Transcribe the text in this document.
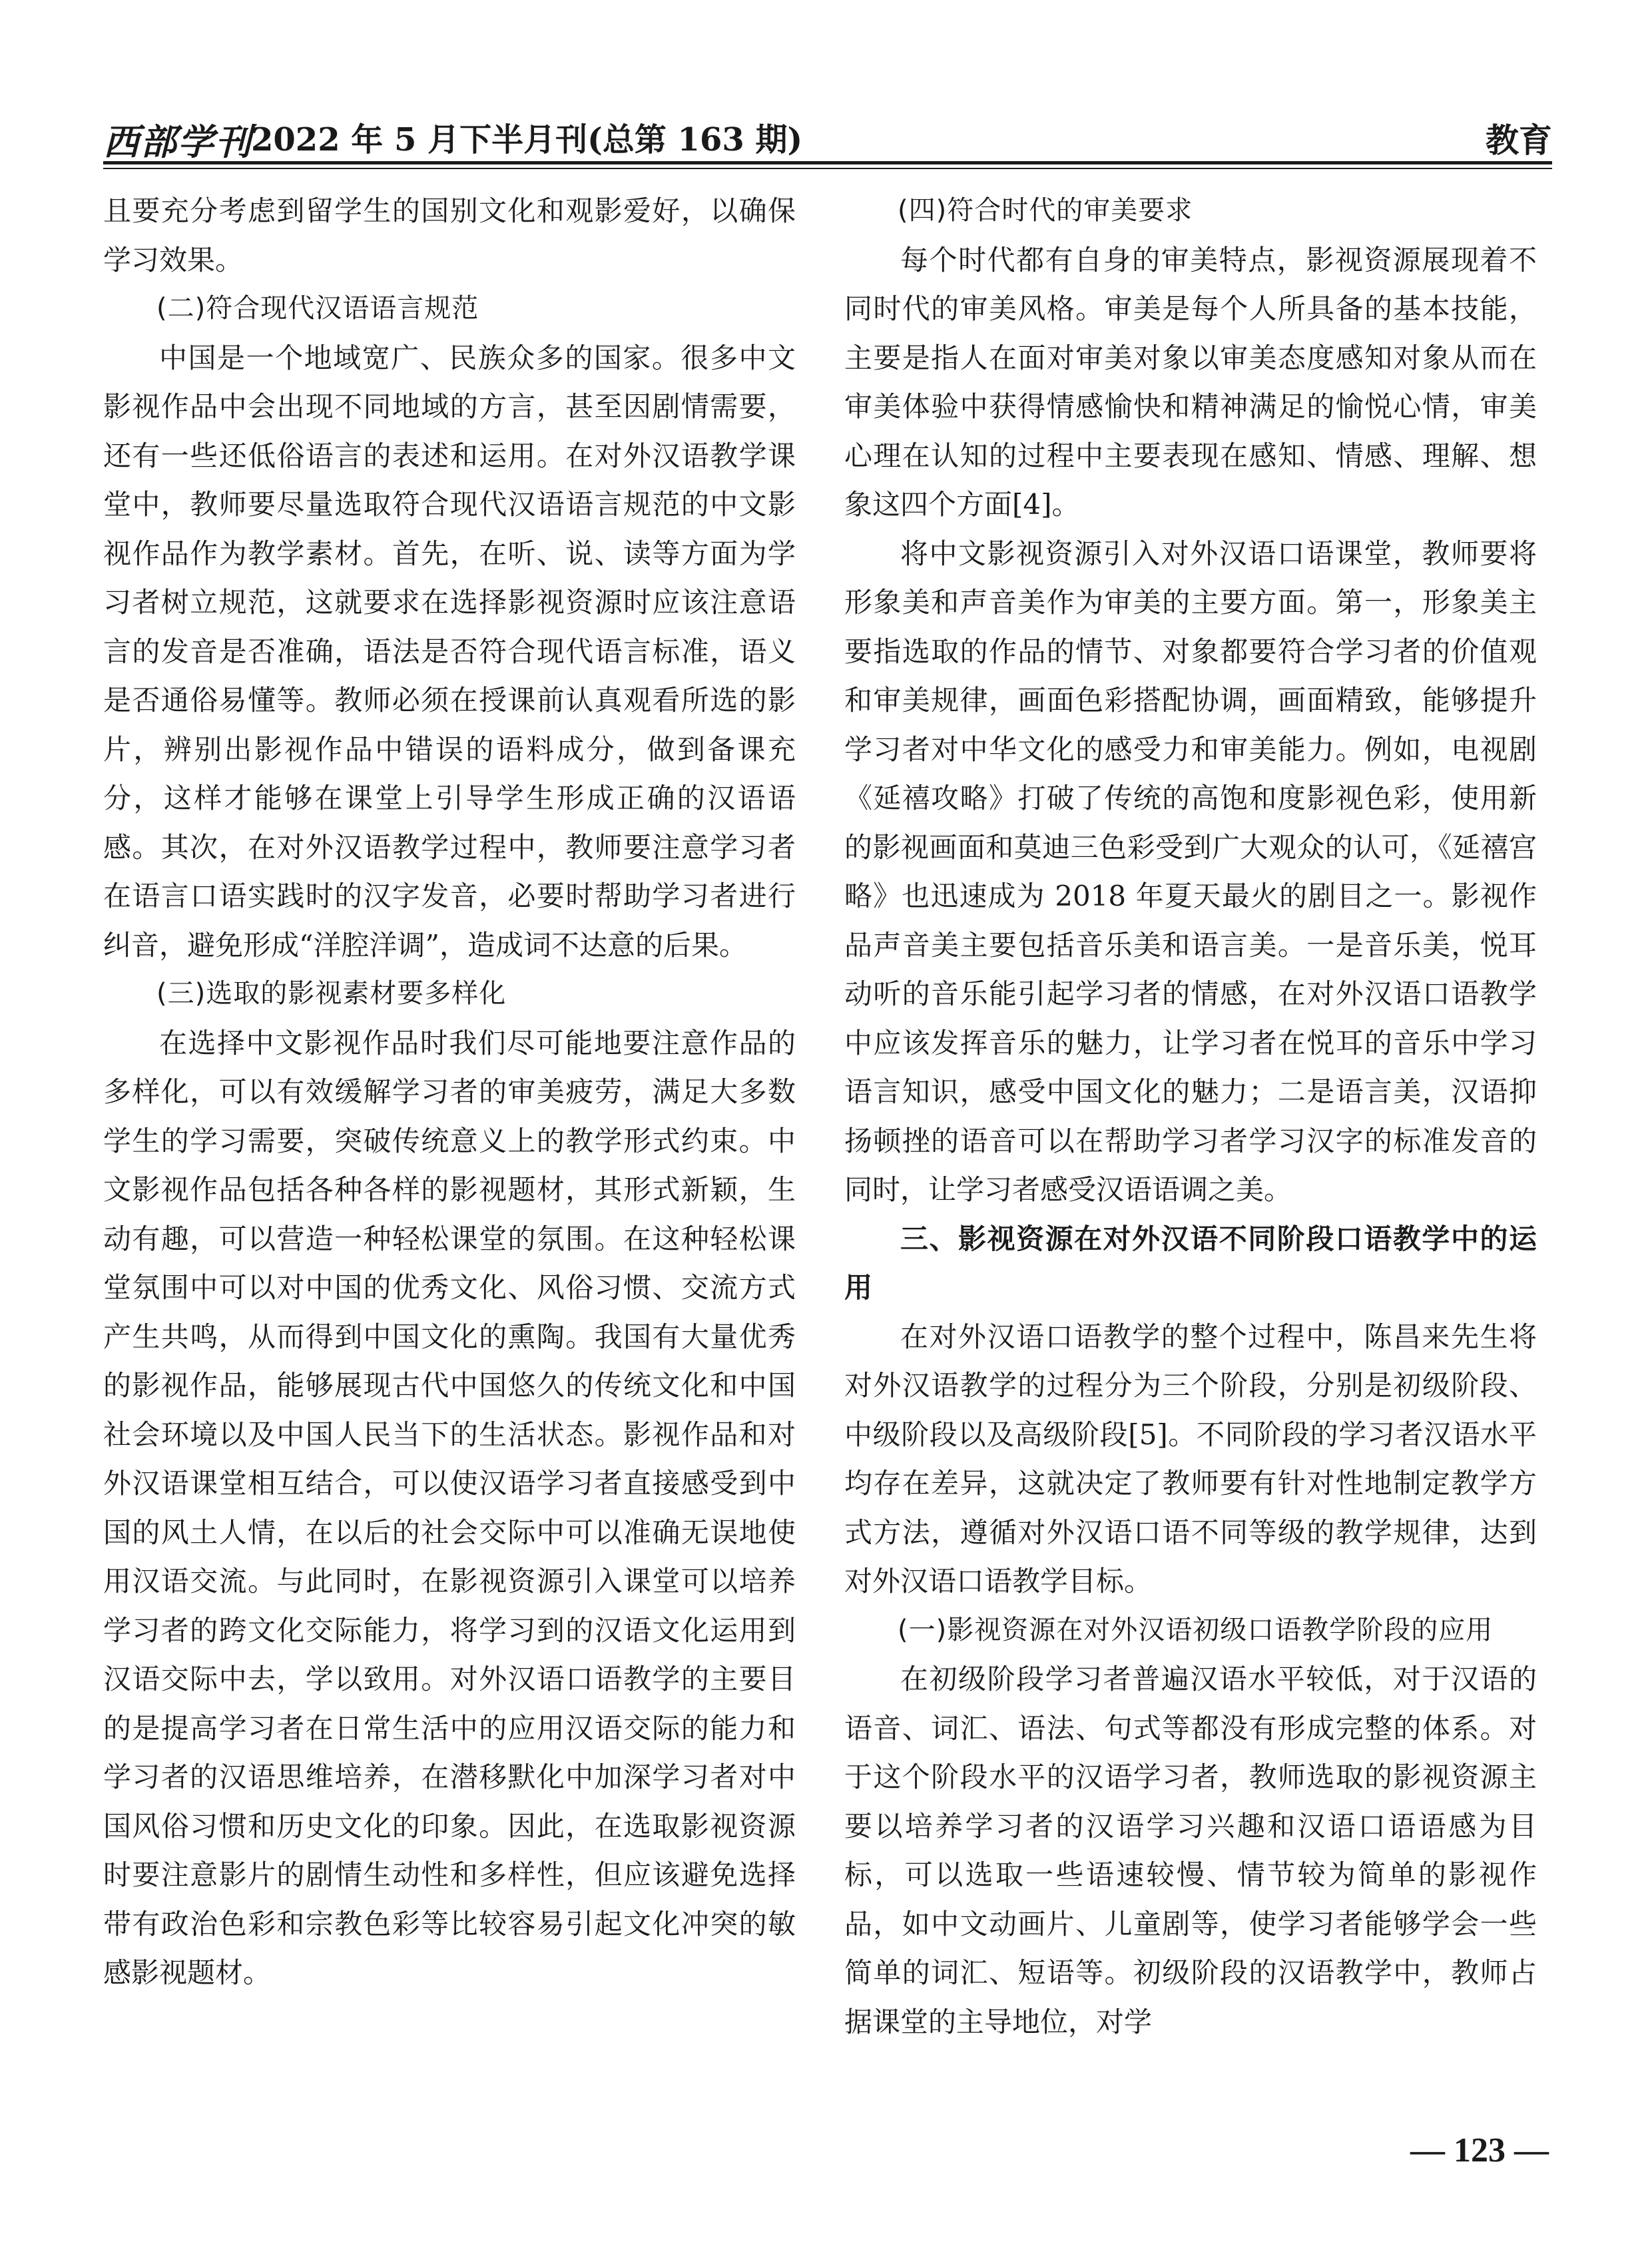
西部学刊
2022 年 5 月下半月刊(总第 163 期)	教育

且要充分考虑到留学生的国别文化和观影爱好，以确保学习效果。

(二)符合现代汉语语言规范

中国是一个地域宽广、民族众多的国家。很多中文影视作品中会出现不同地域的方言，甚至因剧情需要，还有一些还低俗语言的表述和运用。在对外汉语教学课堂中，教师要尽量选取符合现代汉语语言规范的中文影视作品作为教学素材。首先，在听、说、读等方面为学习者树立规范，这就要求在选择影视资源时应该注意语言的发音是否准确，语法是否符合现代语言标准，语义是否通俗易懂等。教师必须在授课前认真观看所选的影片，辨别出影视作品中错误的语料成分，做到备课充分，这样才能够在课堂上引导学生形成正确的汉语语感。其次，在对外汉语教学过程中，教师要注意学习者在语言口语实践时的汉字发音，必要时帮助学习者进行纠音，避免形成“洋腔洋调”，造成词不达意的后果。

(三)选取的影视素材要多样化

在选择中文影视作品时我们尽可能地要注意作品的多样化，可以有效缓解学习者的审美疲劳，满足大多数学生的学习需要，突破传统意义上的教学形式约束。中文影视作品包括各种各样的影视题材，其形式新颖，生动有趣，可以营造一种轻松课堂的氛围。在这种轻松课堂氛围中可以对中国的优秀文化、风俗习惯、交流方式产生共鸣，从而得到中国文化的熏陶。我国有大量优秀的影视作品，能够展现古代中国悠久的传统文化和中国社会环境以及中国人民当下的生活状态。影视作品和对外汉语课堂相互结合，可以使汉语学习者直接感受到中国的风土人情，在以后的社会交际中可以准确无误地使用汉语交流。与此同时，在影视资源引入课堂可以培养学习者的跨文化交际能力，将学习到的汉语文化运用到汉语交际中去，学以致用。对外汉语口语教学的主要目的是提高学习者在日常生活中的应用汉语交际的能力和学习者的汉语思维培养，在潜移默化中加深学习者对中国风俗习惯和历史文化的印象。因此，在选取影视资源时要注意影片的剧情生动性和多样性，但应该避免选择带有政治色彩和宗教色彩等比较容易引起文化冲突的敏感影视题材。

(四)符合时代的审美要求

每个时代都有自身的审美特点，影视资源展现着不同时代的审美风格。审美是每个人所具备的基本技能，主要是指人在面对审美对象以审美态度感知对象从而在审美体验中获得情感愉快和精神满足的愉悦心情，审美心理在认知的过程中主要表现在感知、情感、理解、想象这四个方面[4]。

将中文影视资源引入对外汉语口语课堂，教师要将形象美和声音美作为审美的主要方面。第一，形象美主要指选取的作品的情节、对象都要符合学习者的价值观和审美规律，画面色彩搭配协调，画面精致，能够提升学习者对中华文化的感受力和审美能力。例如，电视剧《延禧攻略》打破了传统的高饱和度影视色彩，使用新的影视画面和莫迪三色彩受到广大观众的认可，《延禧宫略》也迅速成为 2018 年夏天最火的剧目之一。影视作品声音美主要包括音乐美和语言美。一是音乐美，悦耳动听的音乐能引起学习者的情感，在对外汉语口语教学中应该发挥音乐的魅力，让学习者在悦耳的音乐中学习语言知识，感受中国文化的魅力；二是语言美，汉语抑扬顿挫的语音可以在帮助学习者学习汉字的标准发音的同时，让学习者感受汉语语调之美。

三、影视资源在对外汉语不同阶段口语教学中的运用

在对外汉语口语教学的整个过程中，陈昌来先生将对外汉语教学的过程分为三个阶段，分别是初级阶段、中级阶段以及高级阶段[5]。不同阶段的学习者汉语水平均存在差异，这就决定了教师要有针对性地制定教学方式方法，遵循对外汉语口语不同等级的教学规律，达到对外汉语口语教学目标。

(一)影视资源在对外汉语初级口语教学阶段的应用

在初级阶段学习者普遍汉语水平较低，对于汉语的语音、词汇、语法、句式等都没有形成完整的体系。对于这个阶段水平的汉语学习者，教师选取的影视资源主要以培养学习者的汉语学习兴趣和汉语口语语感为目标，可以选取一些语速较慢、情节较为简单的影视作品，如中文动画片、儿童剧等，使学习者能够学会一些简单的词汇、短语等。初级阶段的汉语教学中，教师占据课堂的主导地位，对学

— 123 —
